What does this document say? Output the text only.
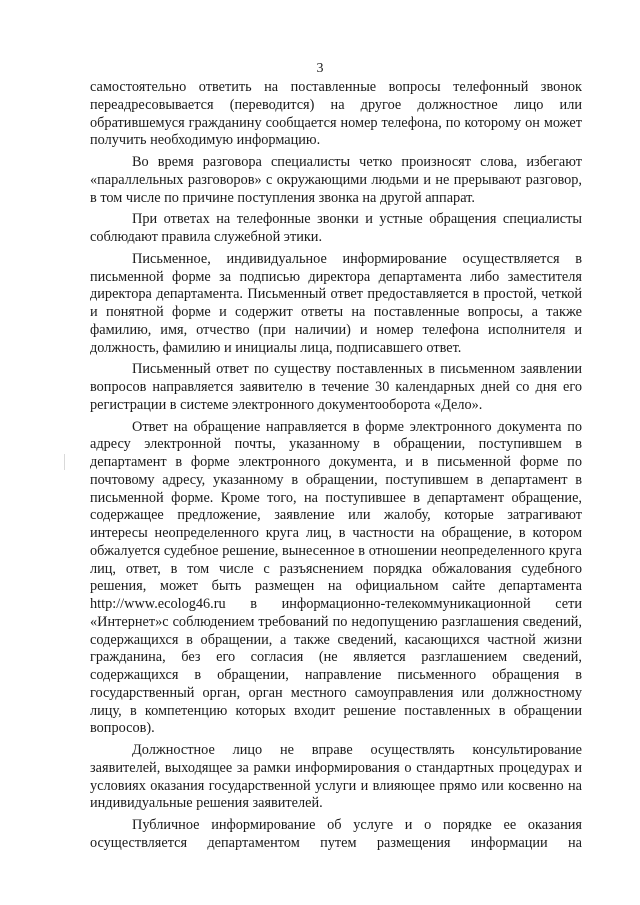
3

самостоятельно ответить на поставленные вопросы телефонный звонок переадресовывается (переводится) на другое должностное лицо или обратившемуся гражданину сообщается номер телефона, по которому он может получить необходимую информацию.

Во время разговора специалисты четко произносят слова, избегают «параллельных разговоров» с окружающими людьми и не прерывают разговор, в том числе по причине поступления звонка на другой аппарат.

При ответах на телефонные звонки и устные обращения специалисты соблюдают правила служебной этики.

Письменное, индивидуальное информирование осуществляется в письменной форме за подписью директора департамента либо заместителя директора департамента. Письменный ответ предоставляется в простой, четкой и понятной форме и содержит ответы на поставленные вопросы, а также фамилию, имя, отчество (при наличии) и номер телефона исполнителя и должность, фамилию и инициалы лица, подписавшего ответ.

Письменный ответ по существу поставленных в письменном заявлении вопросов направляется заявителю в течение 30 календарных дней со дня его регистрации в системе электронного документооборота «Дело».

Ответ на обращение направляется в форме электронного документа по адресу электронной почты, указанному в обращении, поступившем в департамент в форме электронного документа, и в письменной форме по почтовому адресу, указанному в обращении, поступившем в департамент в письменной форме. Кроме того, на поступившее в департамент обращение, содержащее предложение, заявление или жалобу, которые затрагивают интересы неопределенного круга лиц, в частности на обращение, в котором обжалуется судебное решение, вынесенное в отношении неопределенного круга лиц, ответ, в том числе с разъяснением порядка обжалования судебного решения, может быть размещен на официальном сайте департамента http://www.ecolog46.ru в информационно-телекоммуникационной сети «Интернет»с соблюдением требований по недопущению разглашения сведений, содержащихся в обращении, а также сведений, касающихся частной жизни гражданина, без его согласия (не является разглашением сведений, содержащихся в обращении, направление письменного обращения в государственный орган, орган местного самоуправления или должностному лицу, в компетенцию которых входит решение поставленных в обращении вопросов).

Должностное лицо не вправе осуществлять консультирование заявителей, выходящее за рамки информирования о стандартных процедурах и условиях оказания государственной услуги и влияющее прямо или косвенно на индивидуальные решения заявителей.

Публичное информирование об услуге и о порядке ее оказания осуществляется департаментом путем размещения информации на
